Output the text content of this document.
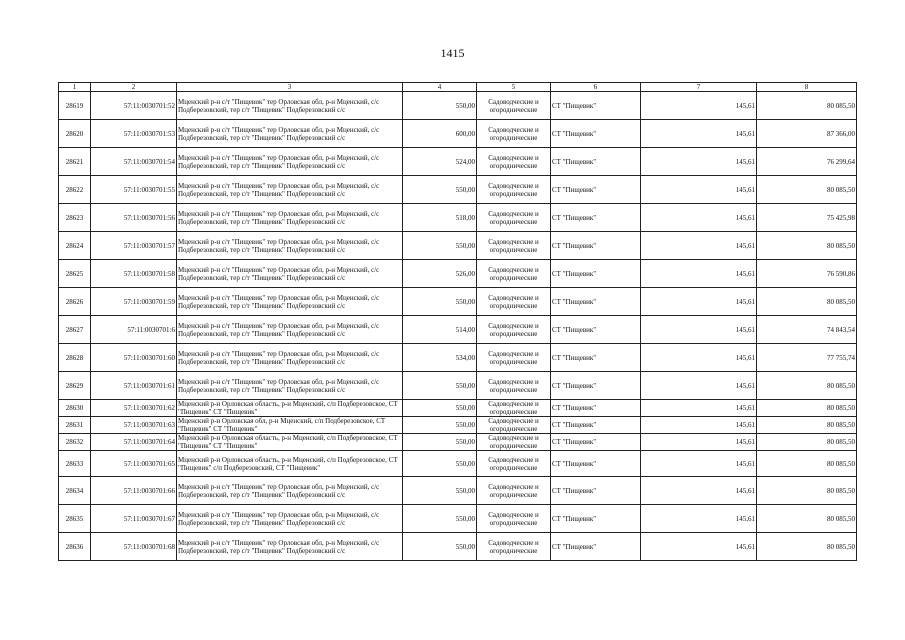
1415
1	2	3	4	5	6	7	8
28619	57:11:0030701:52	Мценский р-н с/т "Пищевик" тер Орловская обл, р-н Мценский, с/с Подберезовский, тер с/т "Пищевик" Подберезовский с/с	550,00	Садоводческие и огороднические	СТ "Пищевик"	145,61	80 085,50
28620	57:11:0030701:53	Мценский р-н с/т "Пищевик" тер Орловская обл, р-н Мценский, с/с Подберезовский, тер с/т "Пищевик" Подберезовский с/с	600,00	Садоводческие и огороднические	СТ "Пищевик"	145,61	87 366,00
28621	57:11:0030701:54	Мценский р-н с/т "Пищевик" тер Орловская обл, р-н Мценский, с/с Подберезовский, тер с/т "Пищевик" Подберезовский с/с	524,00	Садоводческие и огороднические	СТ "Пищевик"	145,61	76 299,64
28622	57:11:0030701:55	Мценский р-н с/т "Пищевик" тер Орловская обл, р-н Мценский, с/с Подберезовский, тер с/т "Пищевик" Подберезовский с/с	550,00	Садоводческие и огороднические	СТ "Пищевик"	145,61	80 085,50
28623	57:11:0030701:56	Мценский р-н с/т "Пищевик" тер Орловская обл, р-н Мценский, с/с Подберезовский, тер с/т "Пищевик" Подберезовский с/с	518,00	Садоводческие и огороднические	СТ "Пищевик"	145,61	75 425,98
28624	57:11:0030701:57	Мценский р-н с/т "Пищевик" тер Орловская обл, р-н Мценский, с/с Подберезовский, тер с/т "Пищевик" Подберезовский с/с	550,00	Садоводческие и огороднические	СТ "Пищевик"	145,61	80 085,50
28625	57:11:0030701:58	Мценский р-н с/т "Пищевик" тер Орловская обл, р-н Мценский, с/с Подберезовский, тер с/т "Пищевик" Подберезовский с/с	526,00	Садоводческие и огороднические	СТ "Пищевик"	145,61	76 590,86
28626	57:11:0030701:59	Мценский р-н с/т "Пищевик" тер Орловская обл, р-н Мценский, с/с Подберезовский, тер с/т "Пищевик" Подберезовский с/с	550,00	Садоводческие и огороднические	СТ "Пищевик"	145,61	80 085,50
28627	57:11:0030701:6	Мценский р-н с/т "Пищевик" тер Орловская обл, р-н Мценский, с/с Подберезовский, тер с/т "Пищевик" Подберезовский с/с	514,00	Садоводческие и огороднические	СТ "Пищевик"	145,61	74 843,54
28628	57:11:0030701:60	Мценский р-н с/т "Пищевик" тер Орловская обл, р-н Мценский, с/с Подберезовский, тер с/т "Пищевик" Подберезовский с/с	534,00	Садоводческие и огороднические	СТ "Пищевик"	145,61	77 755,74
28629	57:11:0030701:61	Мценский р-н с/т "Пищевик" тер Орловская обл, р-н Мценский, с/с Подберезовский, тер с/т "Пищевик" Подберезовский с/с	550,00	Садоводческие и огороднические	СТ "Пищевик"	145,61	80 085,50
28630	57:11:0030701:62	Мценский р-н Орловская область, р-н Мценский, с/п Подберезовское, СТ "Пищевик" СТ "Пищевик"	550,00	Садоводческие и огороднические	СТ "Пищевик"	145,61	80 085,50
28631	57:11:0030701:63	Мценский р-н Орловская обл, р-н Мценский, с/п Подберезовское, СТ "Пищевик" СТ "Пищевик"	550,00	Садоводческие и огороднические	СТ "Пищевик"	145,61	80 085,50
28632	57:11:0030701:64	Мценский р-н Орловская область, р-н Мценский, с/п Подберезовское, СТ "Пищевик" СТ "Пищевик"	550,00	Садоводческие и огороднические	СТ "Пищевик"	145,61	80 085,50
28633	57:11:0030701:65	Мценский р-н Орловская область, р-н Мценский, с/п Подберезовское, СТ "Пищевик" с/п Подберезовский, СТ "Пищевик"	550,00	Садоводческие и огороднические	СТ "Пищевик"	145,61	80 085,50
28634	57:11:0030701:66	Мценский р-н с/т "Пищевик" тер Орловская обл, р-н Мценский, с/с Подберезовский, тер с/т "Пищевик" Подберезовский с/с	550,00	Садоводческие и огороднические	СТ "Пищевик"	145,61	80 085,50
28635	57:11:0030701:67	Мценский р-н с/т "Пищевик" тер Орловская обл, р-н Мценский, с/с Подберезовский, тер с/т "Пищевик" Подберезовский с/с	550,00	Садоводческие и огороднические	СТ "Пищевик"	145,61	80 085,50
28636	57:11:0030701:68	Мценский р-н с/т "Пищевик" тер Орловская обл, р-н Мценский, с/с Подберезовский, тер с/т "Пищевик" Подберезовский с/с	550,00	Садоводческие и огороднические	СТ "Пищевик"	145,61	80 085,50
